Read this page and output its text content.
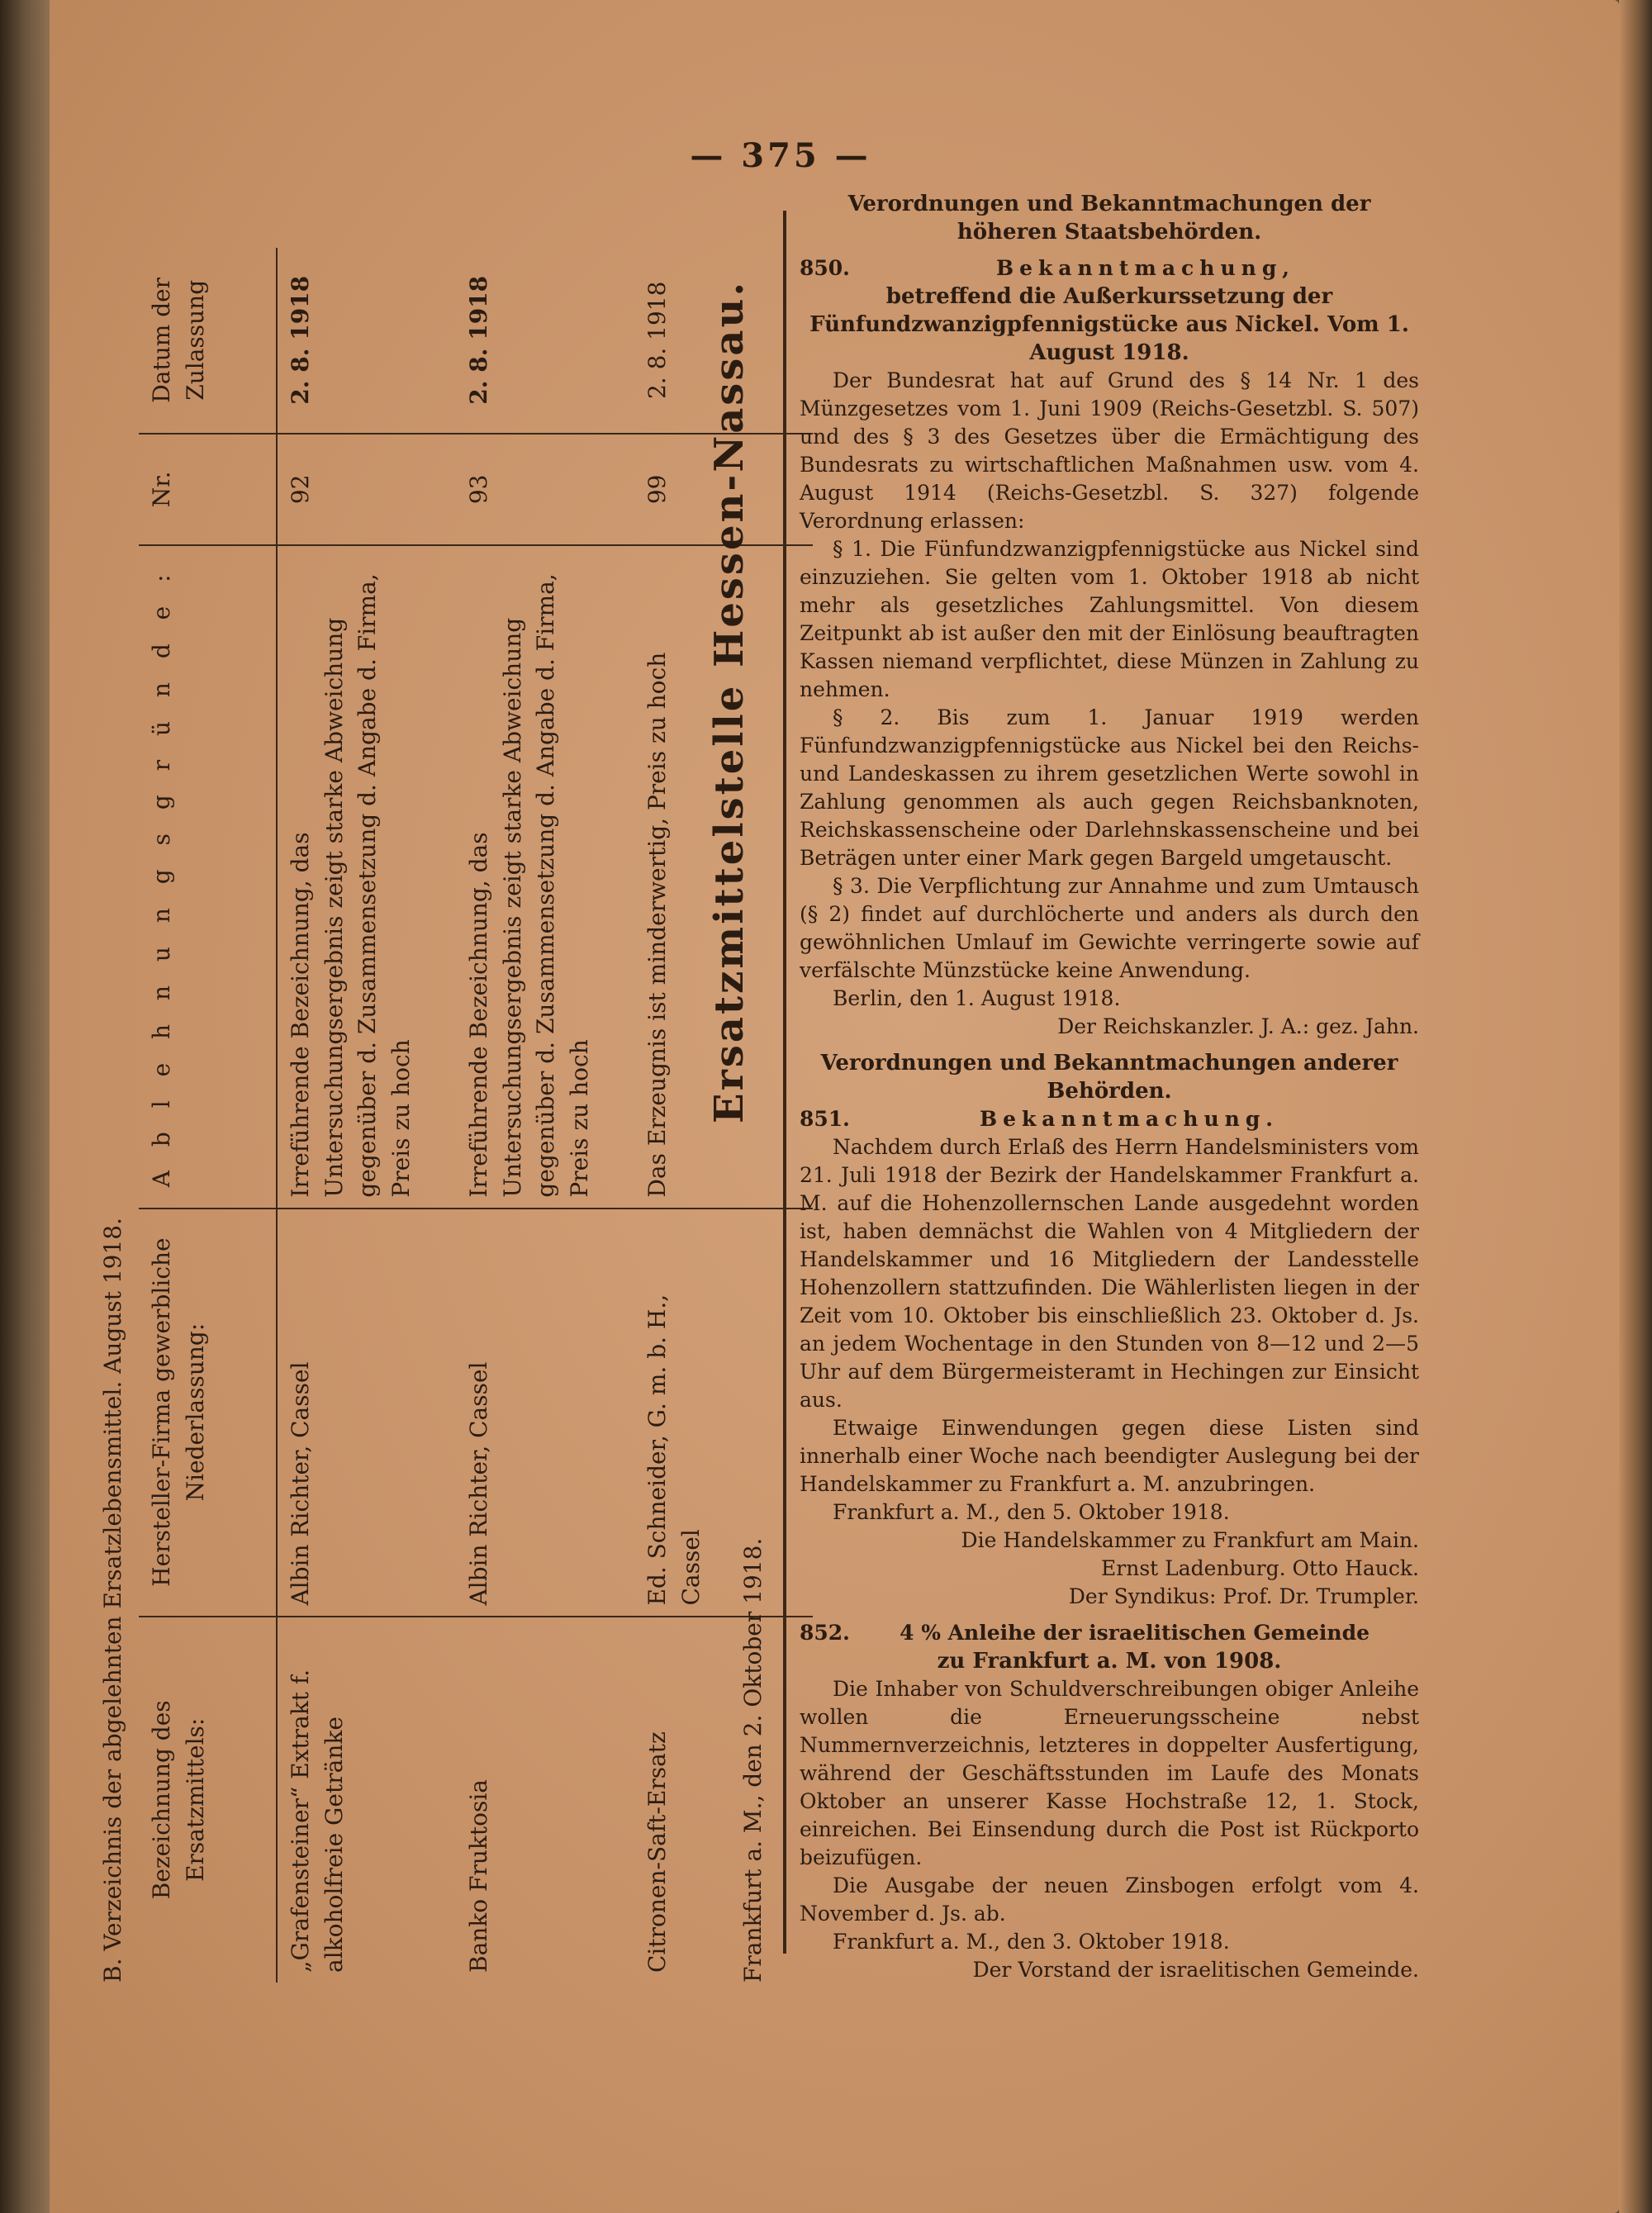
— 375 —
B. Verzeichnis der abgelehnten Ersatzlebensmittel. August 1918. Bezeichnung des Ersatzmittels:	Hersteller-Firma gewerbliche Niederlassung:	A b l e h n u n g s g r ü n d e :	Nr.	Datum der Zulassung
„Grafensteiner“ Extrakt f. alkoholfreie Getränke	Albin Richter, Cassel	Irreführende Bezeichnung, das Untersuchungsergebnis zeigt starke Abweichung gegenüber d. Zusammensetzung d. Angabe d. Firma, Preis zu hoch	92	2. 8. 1918
Banko Fruktosia	Albin Richter, Cassel	Irreführende Bezeichnung, das Untersuchungsergebnis zeigt starke Abweichung gegenüber d. Zusammensetzung d. Angabe d. Firma, Preis zu hoch	93	2. 8. 1918
Citronen-Saft-Ersatz	Ed. Schneider, G. m. b. H., Cassel	Das Erzeugnis ist minderwertig, Preis zu hoch	99	2. 8. 1918
Frankfurt a. M., den 2. Oktober 1918.
Ersatzmittelstelle Hessen-Nassau.

Verordnungen und Bekanntmachungen der höheren Staatsbehörden.

850.	Bekanntmachung,

betreffend die Außerkurssetzung der Fünfundzwanzigpfennigstücke aus Nickel. Vom 1. August 1918.

Der Bundesrat hat auf Grund des § 14 Nr. 1 des Münzgesetzes vom 1. Juni 1909 (Reichs-Gesetzbl. S. 507) und des § 3 des Gesetzes über die Ermächtigung des Bundesrats zu wirtschaftlichen Maßnahmen usw. vom 4. August 1914 (Reichs-Gesetzbl. S. 327) folgende Verordnung erlassen:

§ 1. Die Fünfundzwanzigpfennigstücke aus Nickel sind einzuziehen. Sie gelten vom 1. Oktober 1918 ab nicht mehr als gesetzliches Zahlungsmittel. Von diesem Zeitpunkt ab ist außer den mit der Einlösung beauftragten Kassen niemand verpflichtet, diese Münzen in Zahlung zu nehmen.

§ 2. Bis zum 1. Januar 1919 werden Fünfundzwanzigpfennigstücke aus Nickel bei den Reichs- und Landeskassen zu ihrem gesetzlichen Werte sowohl in Zahlung genommen als auch gegen Reichsbanknoten, Reichskassenscheine oder Darlehnskassenscheine und bei Beträgen unter einer Mark gegen Bargeld umgetauscht.

§ 3. Die Verpflichtung zur Annahme und zum Umtausch (§ 2) findet auf durchlöcherte und anders als durch den gewöhnlichen Umlauf im Gewichte verringerte sowie auf verfälschte Münzstücke keine Anwendung.

Berlin, den 1. August 1918.

Der Reichskanzler. J. A.: gez. Jahn.

Verordnungen und Bekanntmachungen anderer Behörden.

851.	Bekanntmachung.

Nachdem durch Erlaß des Herrn Handelsministers vom 21. Juli 1918 der Bezirk der Handelskammer Frankfurt a. M. auf die Hohenzollernschen Lande ausgedehnt worden ist, haben demnächst die Wahlen von 4 Mitgliedern der Handelskammer und 16 Mitgliedern der Landesstelle Hohenzollern stattzufinden. Die Wählerlisten liegen in der Zeit vom 10. Oktober bis einschließlich 23. Oktober d. Js. an jedem Wochentage in den Stunden von 8—12 und 2—5 Uhr auf dem Bürgermeisteramt in Hechingen zur Einsicht aus.

Etwaige Einwendungen gegen diese Listen sind innerhalb einer Woche nach beendigter Auslegung bei der Handelskammer zu Frankfurt a. M. anzubringen.

Frankfurt a. M., den 5. Oktober 1918.

Die Handelskammer zu Frankfurt am Main.

Ernst Ladenburg. Otto Hauck.

Der Syndikus: Prof. Dr. Trumpler.

852. 4 % Anleihe der israelitischen Gemeinde

zu Frankfurt a. M. von 1908.

Die Inhaber von Schuldverschreibungen obiger Anleihe wollen die Erneuerungsscheine nebst Nummernverzeichnis, letzteres in doppelter Ausfertigung, während der Geschäftsstunden im Laufe des Monats Oktober an unserer Kasse Hochstraße 12, 1. Stock, einreichen. Bei Einsendung durch die Post ist Rückporto beizufügen.

Die Ausgabe der neuen Zinsbogen erfolgt vom 4. November d. Js. ab.

Frankfurt a. M., den 3. Oktober 1918.

Der Vorstand der israelitischen Gemeinde.
